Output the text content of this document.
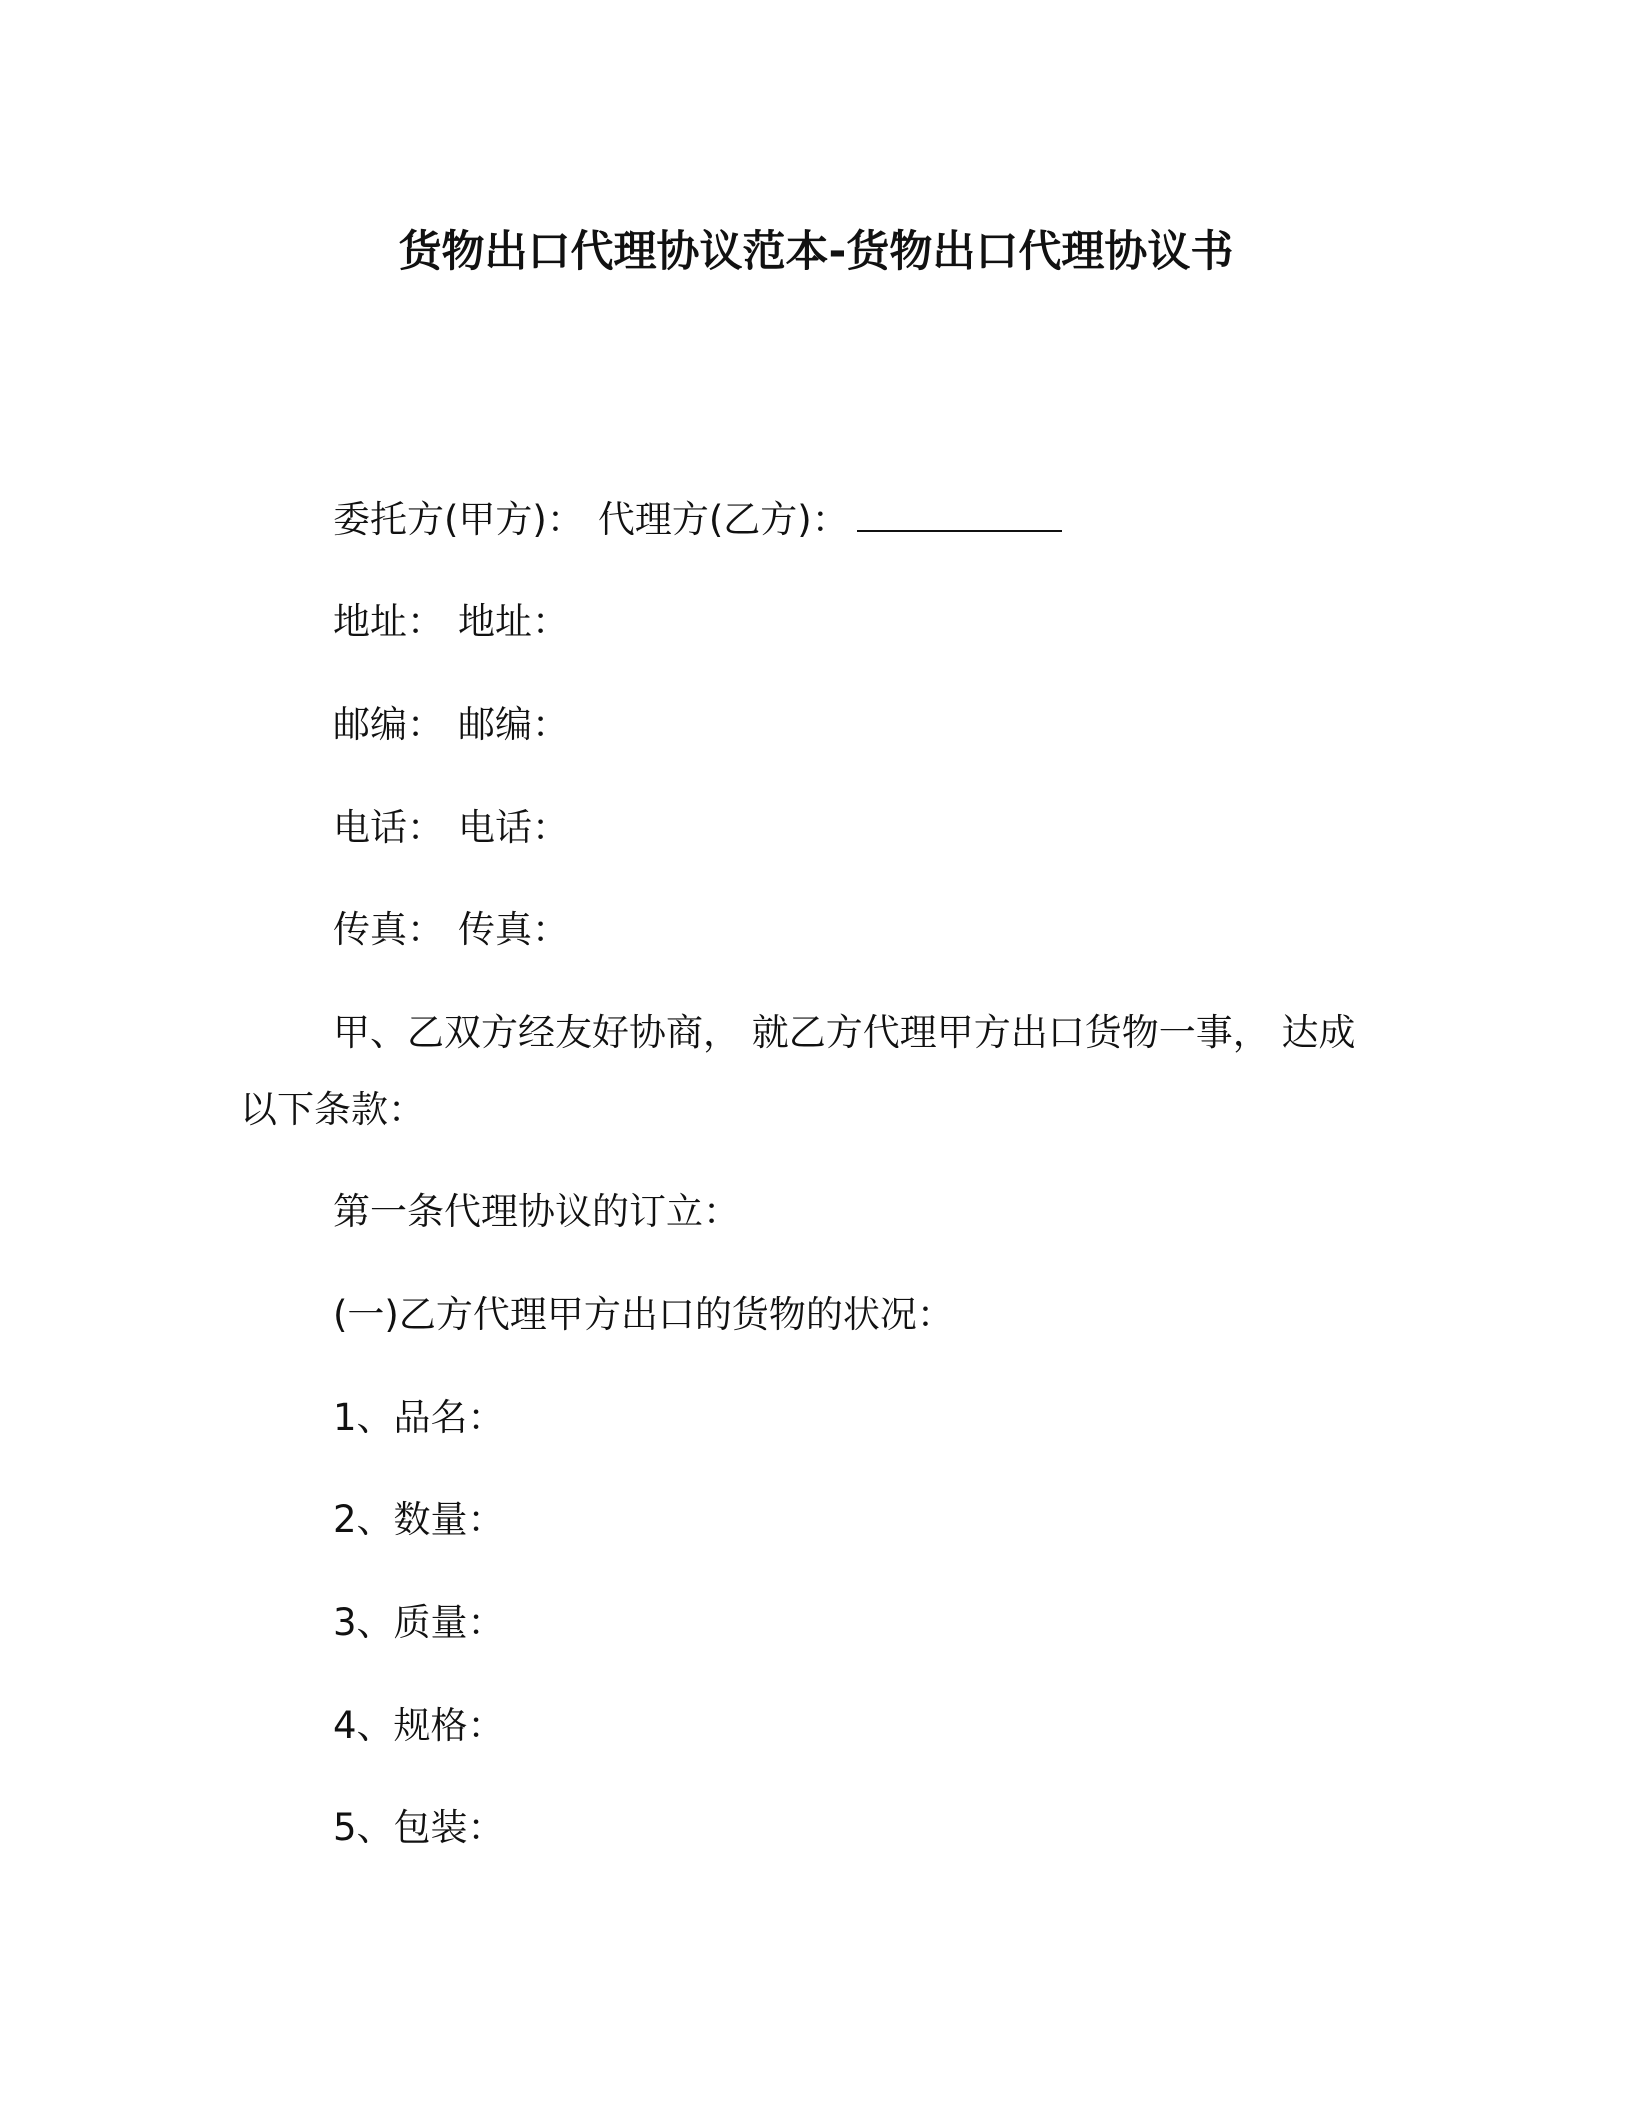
货物出口代理协议范本-货物出口代理协议书
委托方(甲方)： 代理方(乙方)：
地址： 地址：
邮编： 邮编：
电话： 电话：
传真： 传真：
甲、乙双方经友好协商， 就乙方代理甲方出口货物一事， 达成
以下条款：
第一条代理协议的订立：
(一)乙方代理甲方出口的货物的状况：
1、品名：
2、数量：
3、质量：
4、规格：
5、包装：
